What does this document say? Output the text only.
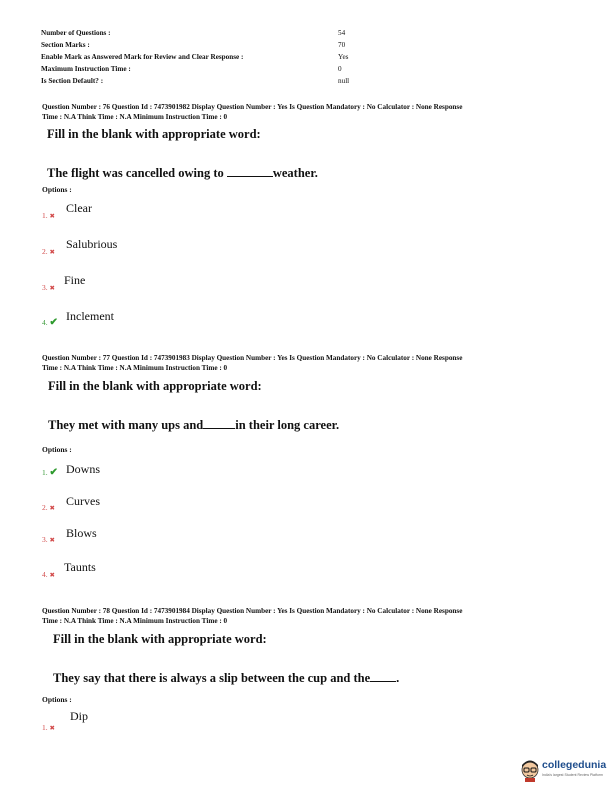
Number of Questions :	54
Section Marks :	70
Enable Mark as Answered Mark for Review and Clear Response :	Yes
Maximum Instruction Time :	0
Is Section Default? :	null
Question Number : 76 Question Id : 7473901982 Display Question Number : Yes Is Question Mandatory : No Calculator : None Response
Time : N.A Think Time : N.A Minimum Instruction Time : 0
Fill in the blank with appropriate word:
The flight was cancelled owing to	weather.
Options :
1. ✖
Clear
2. ✖
Salubrious
3. ✖
Fine
4. ✔ Inclement
Question Number : 77 Question Id : 7473901983 Display Question Number : Yes Is Question Mandatory : No Calculator : None Response
Time : N.A Think Time : N.A Minimum Instruction Time : 0
Fill in the blank with appropriate word:
They met with many ups and	in their long career.
Options :
1. ✔ Downs
2. ✖
Curves
3. ✖
Blows
4. ✖
Taunts
Question Number : 78 Question Id : 7473901984 Display Question Number : Yes Is Question Mandatory : No Calculator : None Response
Time : N.A Think Time : N.A Minimum Instruction Time : 0
Fill in the blank with appropriate word:
They say that there is always a slip between the cup and the .
Options :
1. ✖
Dip
collegedunia
India's largest Student Review Platform
